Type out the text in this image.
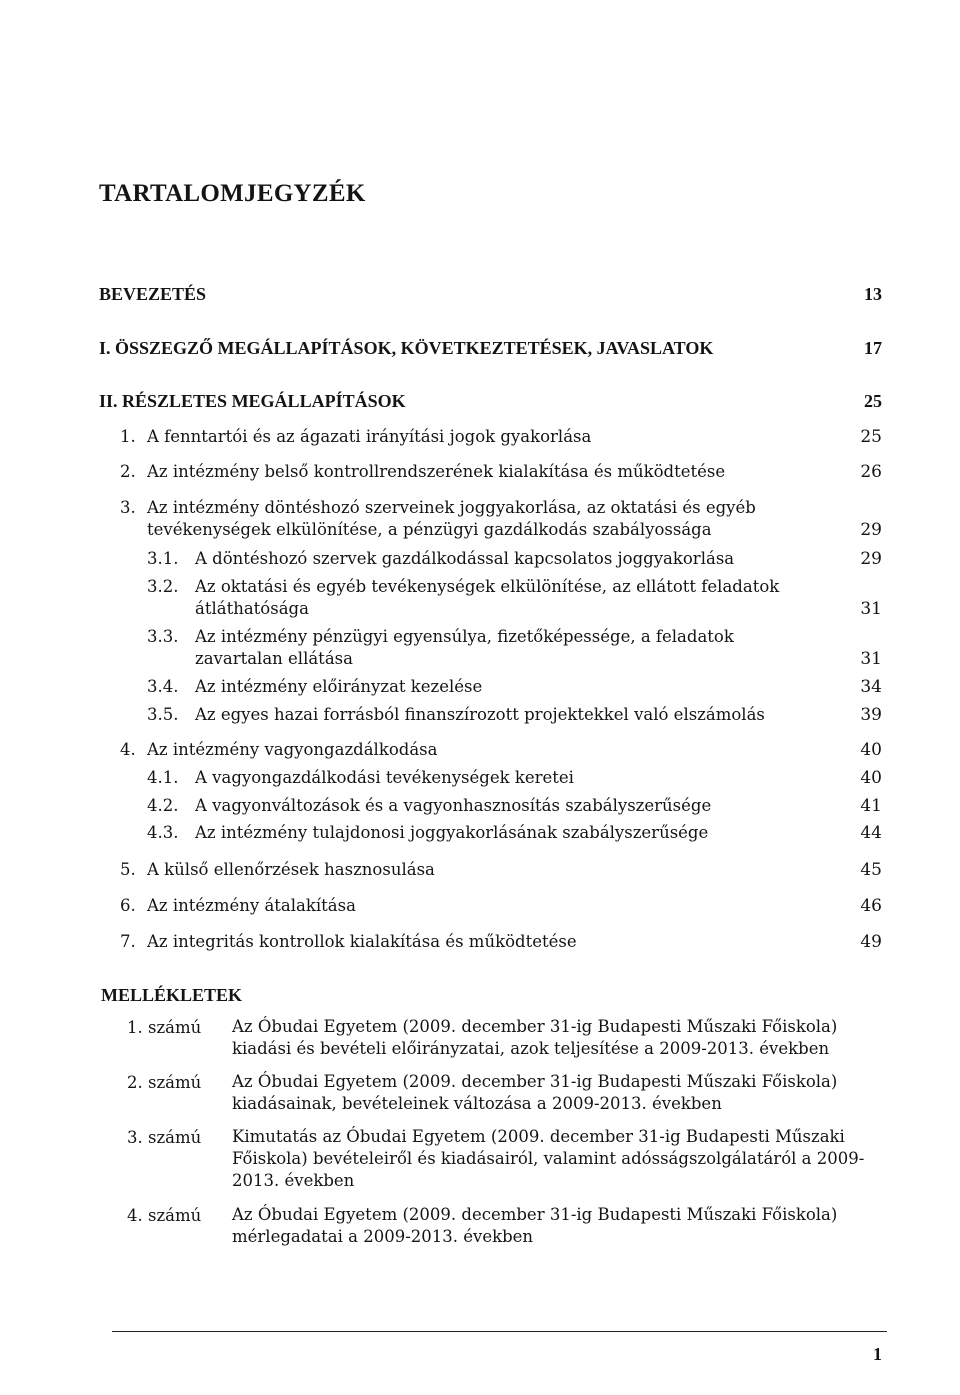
TARTALOMJEGYZÉK
BEVEZETÉS	13
I. ÖSSZEGZŐ MEGÁLLAPÍTÁSOK, KÖVETKEZTETÉSEK, JAVASLATOK	17
II. RÉSZLETES MEGÁLLAPÍTÁSOK	25
1. A fenntartói és az ágazati irányítási jogok gyakorlása	25
2. Az intézmény belső kontrollrendszerének kialakítása és működtetése	26
3. Az intézmény döntéshozó szerveinek joggyakorlása, az oktatási és egyéb
tevékenységek elkülönítése, a pénzügyi gazdálkodás szabályossága	29
3.1. A döntéshozó szervek gazdálkodással kapcsolatos joggyakorlása	29
3.2. Az oktatási és egyéb tevékenységek elkülönítése, az ellátott feladatok
átláthatósága	31
3.3. Az intézmény pénzügyi egyensúlya, fizetőképessége, a feladatok
zavartalan ellátása	31
3.4. Az intézmény előirányzat kezelése	34
3.5. Az egyes hazai forrásból finanszírozott projektekkel való elszámolás	39
4. Az intézmény vagyongazdálkodása	40
4.1. A vagyongazdálkodási tevékenységek keretei	40
4.2. A vagyonváltozások és a vagyonhasznosítás szabályszerűsége	41
4.3. Az intézmény tulajdonosi joggyakorlásának szabályszerűsége	44
5. A külső ellenőrzések hasznosulása	45
6. Az intézmény átalakítása	46
7. Az integritás kontrollok kialakítása és működtetése	49
MELLÉKLETEK
1. számú Az Óbudai Egyetem (2009. december 31-ig Budapesti Műszaki Főiskola) kiadási és bevételi előirányzatai, azok teljesítése a 2009-2013. években
2. számú Az Óbudai Egyetem (2009. december 31-ig Budapesti Műszaki Főiskola) kiadásainak, bevételeinek változása a 2009-2013. években
3. számú Kimutatás az Óbudai Egyetem (2009. december 31-ig Budapesti Műszaki Főiskola) bevételeiről és kiadásairól, valamint adósságszolgálatáról a 2009-2013. években
4. számú Az Óbudai Egyetem (2009. december 31-ig Budapesti Műszaki Főiskola) mérlegadatai a 2009-2013. években
1
